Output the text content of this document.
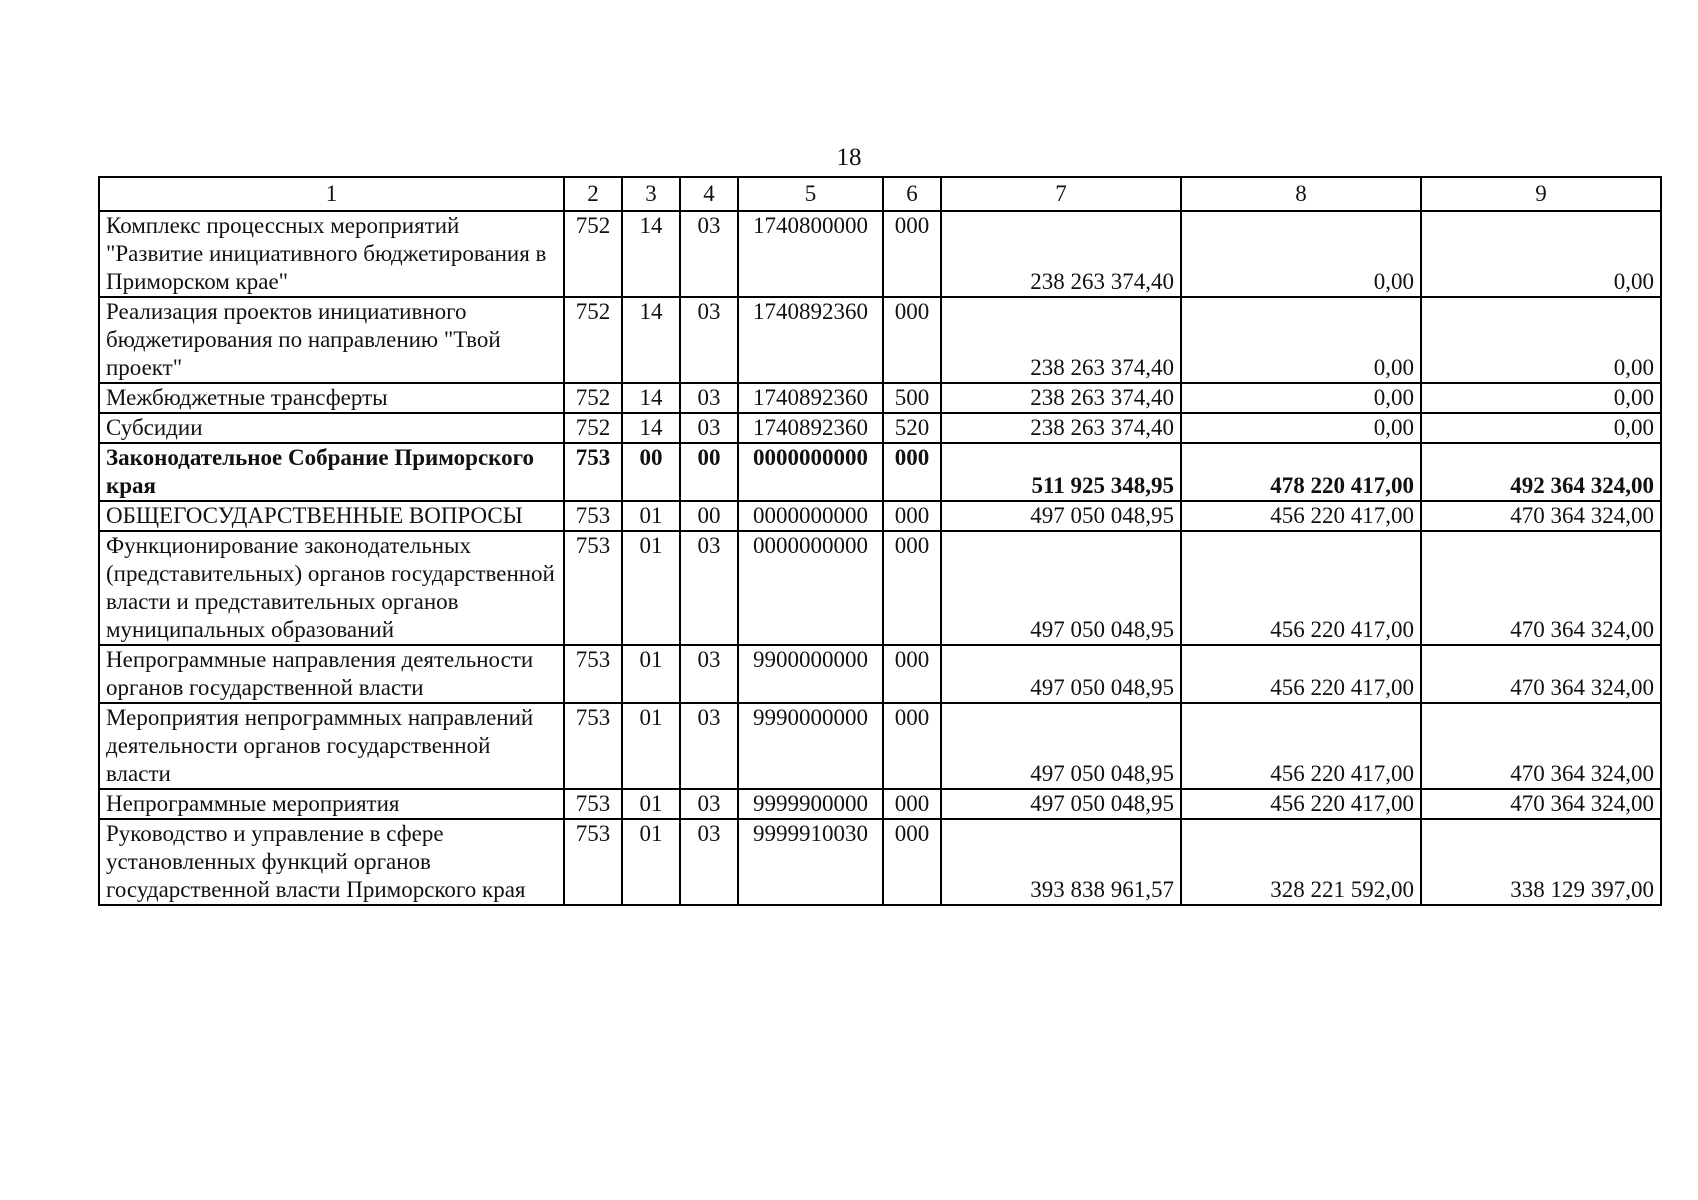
18
1	2	3	4	5	6	7	8	9
Комплекс процессных мероприятий "Развитие инициативного бюджетирования в Приморском крае"	752	14	03	1740800000	000	238 263 374,40	0,00	0,00
Реализация проектов инициативного бюджетирования по направлению "Твой проект"	752	14	03	1740892360	000	238 263 374,40	0,00	0,00
Межбюджетные трансферты	752	14	03	1740892360	500	238 263 374,40	0,00	0,00
Субсидии	752	14	03	1740892360	520	238 263 374,40	0,00	0,00
Законодательное Собрание Приморского края	753	00	00	0000000000	000	511 925 348,95	478 220 417,00	492 364 324,00
ОБЩЕГОСУДАРСТВЕННЫЕ ВОПРОСЫ	753	01	00	0000000000	000	497 050 048,95	456 220 417,00	470 364 324,00
Функционирование законодательных (представительных) органов государственной власти и представительных органов муниципальных образований	753	01	03	0000000000	000	497 050 048,95	456 220 417,00	470 364 324,00
Непрограммные направления деятельности органов государственной власти	753	01	03	9900000000	000	497 050 048,95	456 220 417,00	470 364 324,00
Мероприятия непрограммных направлений деятельности органов государственной власти	753	01	03	9990000000	000	497 050 048,95	456 220 417,00	470 364 324,00
Непрограммные мероприятия	753	01	03	9999900000	000	497 050 048,95	456 220 417,00	470 364 324,00
Руководство и управление в сфере установленных функций органов государственной власти Приморского края	753	01	03	9999910030	000	393 838 961,57	328 221 592,00	338 129 397,00
